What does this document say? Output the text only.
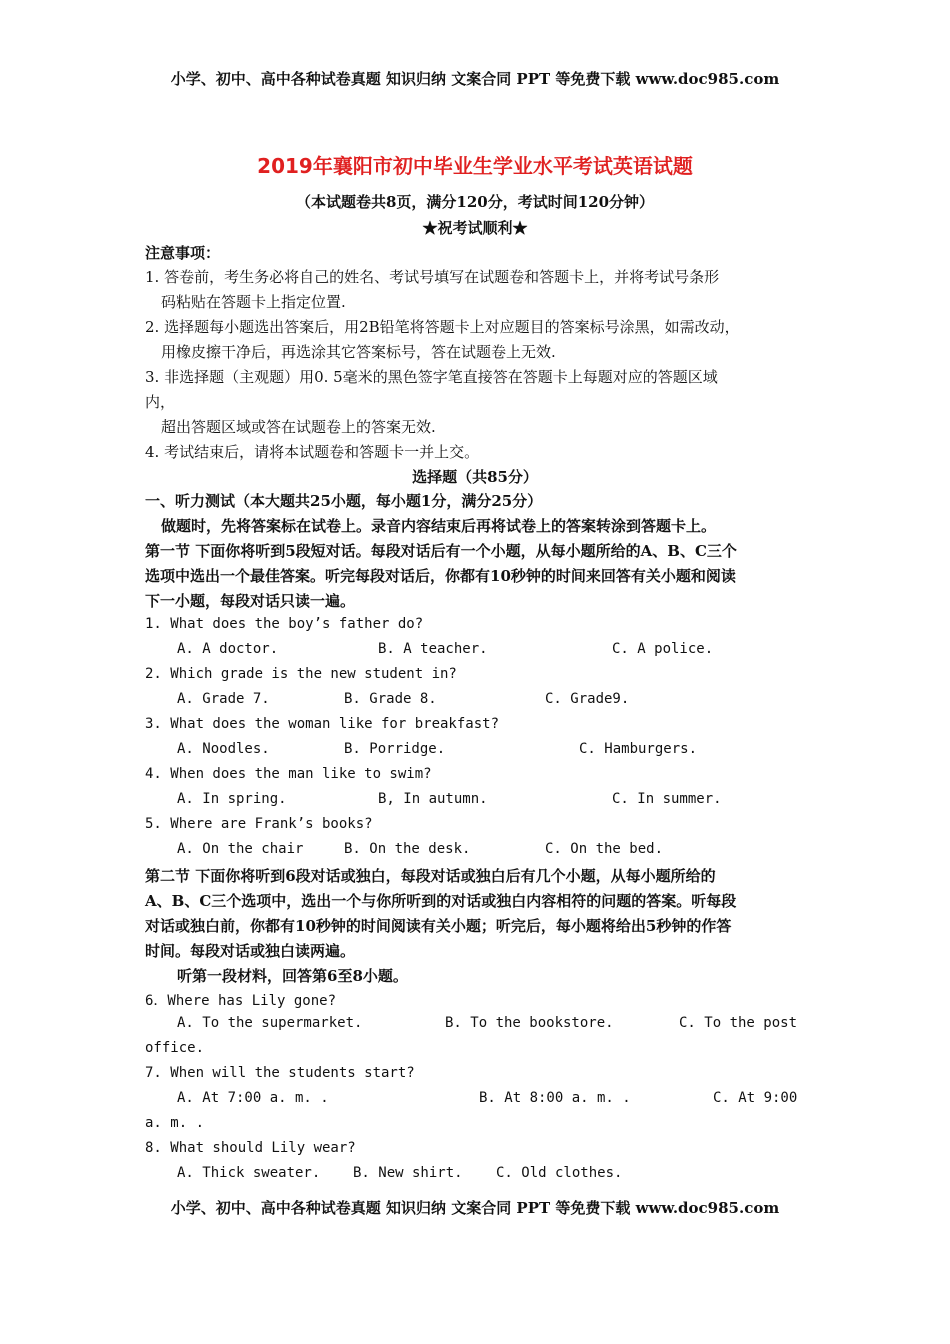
小学、初中、高中各种试卷真题 知识归纳 文案合同 PPT 等免费下载 www.doc985.com
2019年襄阳市初中毕业生学业水平考试英语试题
（本试题卷共8页，满分120分，考试时间120分钟）
★祝考试顺利★
注意事项：
1. 答卷前，考生务必将自己的姓名、考试号填写在试题卷和答题卡上，并将考试号条形
码粘贴在答题卡上指定位置.
2. 选择题每小题选出答案后，用2B铅笔将答题卡上对应题目的答案标号涂黑，如需改动，
用橡皮擦干净后，再选涂其它答案标号，答在试题卷上无效.
3. 非选择题（主观题）用0. 5毫米的黑色签字笔直接答在答题卡上每题对应的答题区域
内，
超出答题区域或答在试题卷上的答案无效.
4. 考试结束后，请将本试题卷和答题卡一并上交。
选择题（共85分）
一、听力测试（本大题共25小题，每小题1分，满分25分）
做题时，先将答案标在试卷上。录音内容结束后再将试卷上的答案转涂到答题卡上。
第一节 下面你将听到5段短对话。每段对话后有一个小题，从每小题所给的A、B、C三个
选项中选出一个最佳答案。听完每段对话后，你都有10秒钟的时间来回答有关小题和阅读
下一小题，每段对话只读一遍。
1. What does the boy’s father do?
A. A doctor.	B. A teacher.	C. A police.
2. Which grade is the new student in?
A. Grade 7.	B. Grade 8.	C. Grade9.
3. What does the woman like for breakfast?
A. Noodles.	B. Porridge.	C. Hamburgers.
4. When does the man like to swim?
A. In spring.	B, In autumn.	C. In summer.
5. Where are Frank’s books?
A. On the chair	B. On the desk.	C. On the bed.
第二节 下面你将听到6段对话或独白，每段对话或独白后有几个小题，从每小题所给的
A、B、C三个选项中，选出一个与你所听到的对话或独白内容相符的问题的答案。听每段
对话或独白前，你都有10秒钟的时间阅读有关小题；听完后，每小题将给出5秒钟的作答
时间。每段对话或独白读两遍。
听第一段材料，回答第6至8小题。
6．Where has Lily gone?
A. To the supermarket.	B. To the bookstore.	C. To the post
office.
7. When will the students start?
A. At 7:00 a. m. .	B. At 8:00 a. m. .	C. At 9:00
a. m. .
8. What should Lily wear?
A. Thick sweater. B. New shirt. C. Old clothes.
小学、初中、高中各种试卷真题 知识归纳 文案合同 PPT 等免费下载 www.doc985.com
